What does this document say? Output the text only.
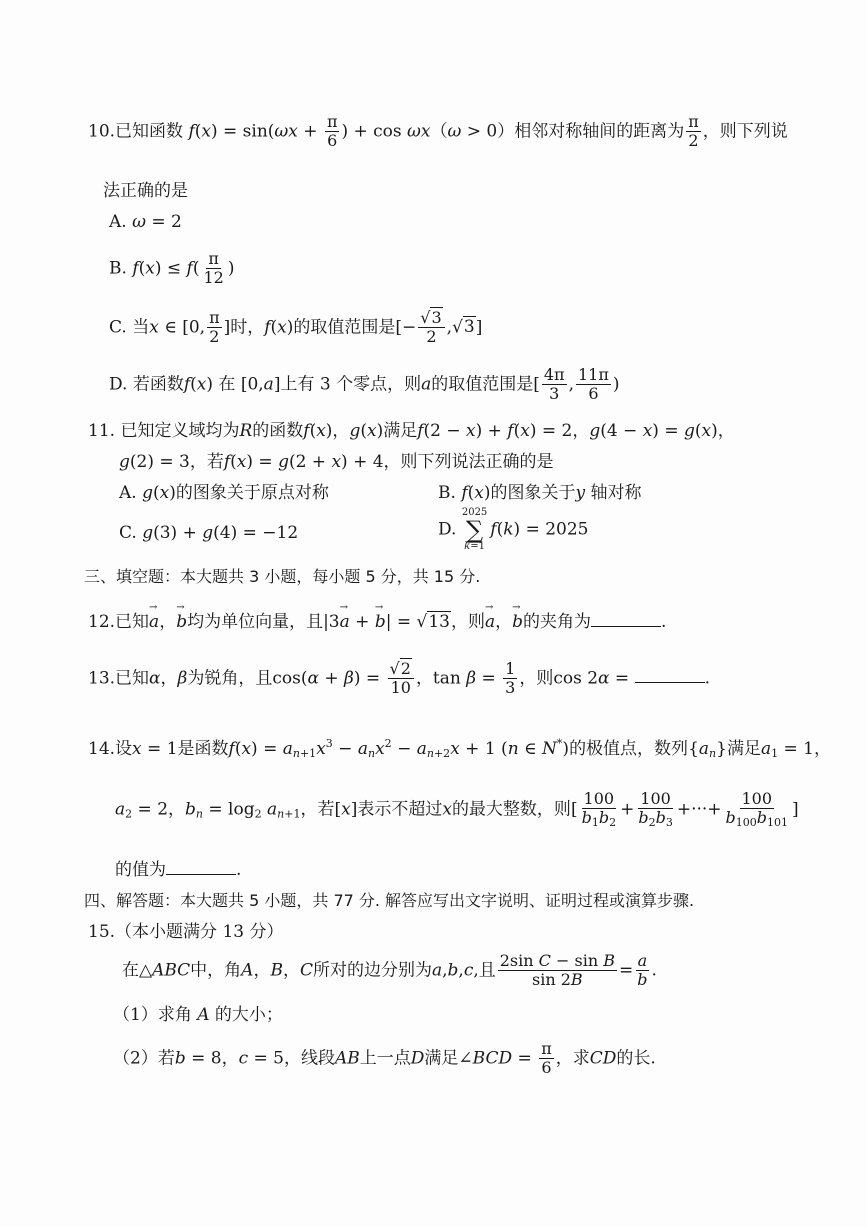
10.已知函数 $f(x) = \sin(\omega x + \frac{\pi}{6}$ ) + cos ωx（ω > 0）相邻对称轴间的距离为 $\frac{\pi}{2}$ ，则下列说
法正确的是
A. ω = 2
B. $f(x) \le f( \frac{\pi}{12}$ )
C. 当x ∈ [0, $\frac{\pi}{2}$ ]时，f(x)的取值范围是[− $\frac{√3}{2} ,√3$]
D. 若函数f(x) 在 [0,a]上有 3 个零点，则a的取值范围是[ $\frac{4\pi}{3}$ , $\frac{11\pi}{6}$ )
11. 已知定义域均为R的函数f(x)，g(x)满足f(2 − x) + f(x) = 2，g(4 − x) = g(x)，
g(2) = 3，若f(x) = g(2 + x) + 4，则下列说法正确的是
A. g(x)的图象关于原点对称	B. f(x)的图象关于y 轴对称
C. g(3) + g(4) = −12	D.
2025
∑
k=1
f(k) = 2025
三、填空题：本大题共 3 小题，每小题 5 分，共 15 分.
12.已知→ a，→ b均为单位向量，且|3→ a + → b| = √13，则→ a，→ b的夹角为	.
13.已知α，β为锐角，且$\cos(\alpha + \beta) = \frac{√2}{10}$ ，$\tan \beta = \frac{1}{3}$ ，则cos 2α =	.
14.设x = 1是函数$f(x) = a_{n+1}x^3 - a_nx^2 - a_{n+2}x + 1$ (n ∈ N*)的极值点，数列$\{a_n\}$满足$a_1 = 1$，
$a_2 = 2$，$b_n = \log_2 a_{n+1}$，若[x]表示不超过x的最大整数，则[ $\frac{100}{b_1b_2} + \frac{100}{b_2b_3}$ +···+ $\frac{100}{b_{100}b_{101}}$ ]
的值为	.
四、解答题：本大题共 5 小题，共 77 分. 解答应写出文字说明、证明过程或演算步骤.
15.（本小题满分 13 分）
在△ABC中，角A，B，C所对的边分别为a,b,c,且 $\frac{\text{2sin C − sin B}}{\sin 2B} = \frac{a}{b}$ .
（1）求角 A 的大小；
（2）若b = 8，c = 5，线段AB上一点D满足∠BCD = $\frac{\pi}{6}$ ，求CD的长.
